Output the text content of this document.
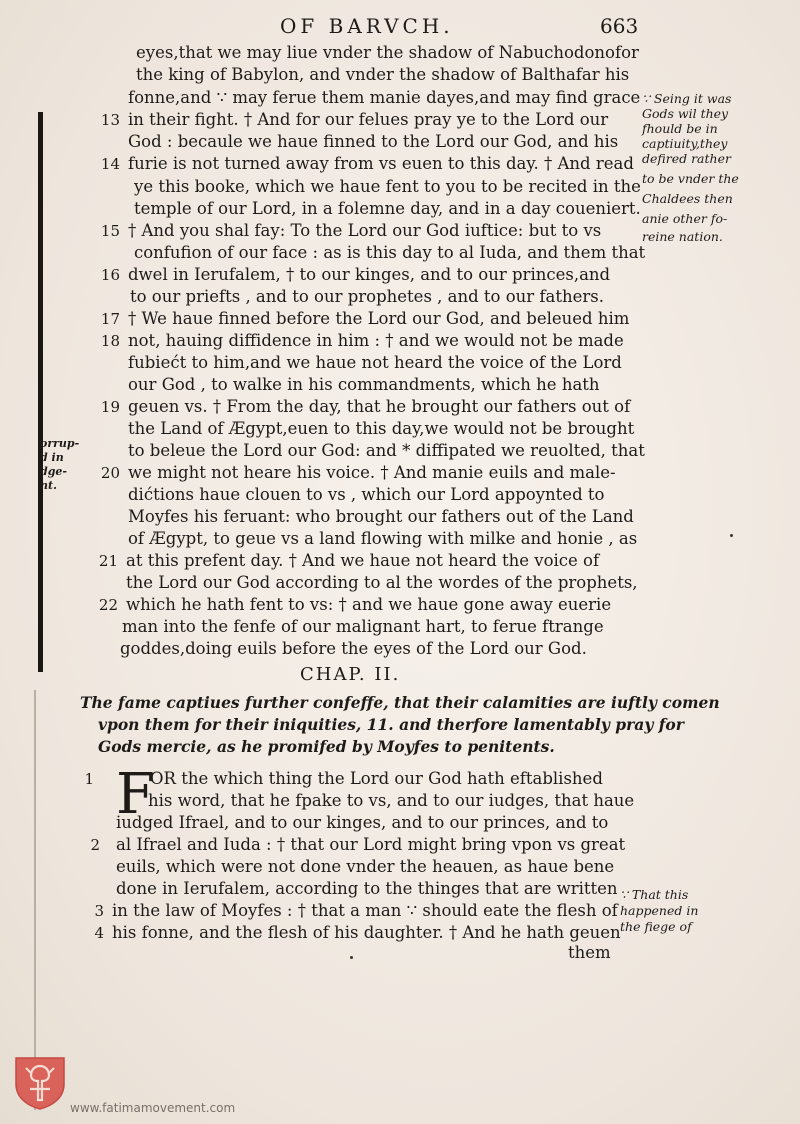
OF BARVCH.	663
eyes,that we may liue vnder the shadow of Nabuchodonofor
the king of Babylon, and vnder the shadow of Balthafar his
fonne,and ∵ may ferue them manie dayes,and may find grace
in their fight. † And for our felues pray ye to the Lord our
God : becaule we haue finned to the Lord our God, and his
furie is not turned away from vs euen to this day. † And read
ye this booke, which we haue fent to you to be recited in the
temple of our Lord, in a folemne day, and in a day coueniert.
† And you shal fay: To the Lord our God iuftice: but to vs
confufion of our face : as is this day to al Iuda, and them that
dwel in Ierufalem, † to our kinges, and to our princes,and
to our priefts , and to our prophetes , and to our fathers.
† We haue finned before the Lord our God, and beleued him
not, hauing diffidence in him : † and we would not be made
fubiećt to him,and we haue not heard the voice of the Lord
our God , to walke in his commandments, which he hath
geuen vs. † From the day, that he brought our fathers out of
the Land of Ægypt,euen to this day,we would not be brought
to beleue the Lord our God: and * diffipated we reuolted, that
we might not heare his voice. † And manie euils and male-
dićtions haue clouen to vs , which our Lord appoynted to
Moyfes his feruant: who brought our fathers out of the Land
of Ægypt, to geue vs a land flowing with milke and honie , as
at this prefent day. † And we haue not heard the voice of
the Lord our God according to al the wordes of the prophets,
which he hath fent to vs: † and we haue gone away euerie
man into the fenfe of our malignant hart, to ferue ftrange
goddes,doing euils before the eyes of the Lord our God.
13
14
15
16
17
18
19
20
21
22
∵ Seing it was
Gods wil they
fhould be in
captiuity,they
defired rather
to be vnder the
Chaldees then
anie other fo-
reine nation.
orrup-
d in
dge-
nt.
CHAP. II.
The fame captiues further confeffe, that their calamities are iuftly comen
vpon them for their iniquities, 11. and therfore lamentably pray for
Gods mercie, as he promifed by Moyfes to penitents.
F
OR the which thing the Lord our God hath eftablished
his word, that he fpake to vs, and to our iudges, that haue
iudged Ifrael, and to our kinges, and to our princes, and to
al Ifrael and Iuda : † that our Lord might bring vpon vs great
euils, which were not done vnder the heauen, as haue bene
done in Ierufalem, according to the thinges that are written
in the law of Moyfes : † that a man ∵ should eate the flesh of
his fonne, and the flesh of his daughter. † And he hath geuen
them
1
2
3
4
∵ That this
happened in
the fiege of
www.fatimamovement.com
